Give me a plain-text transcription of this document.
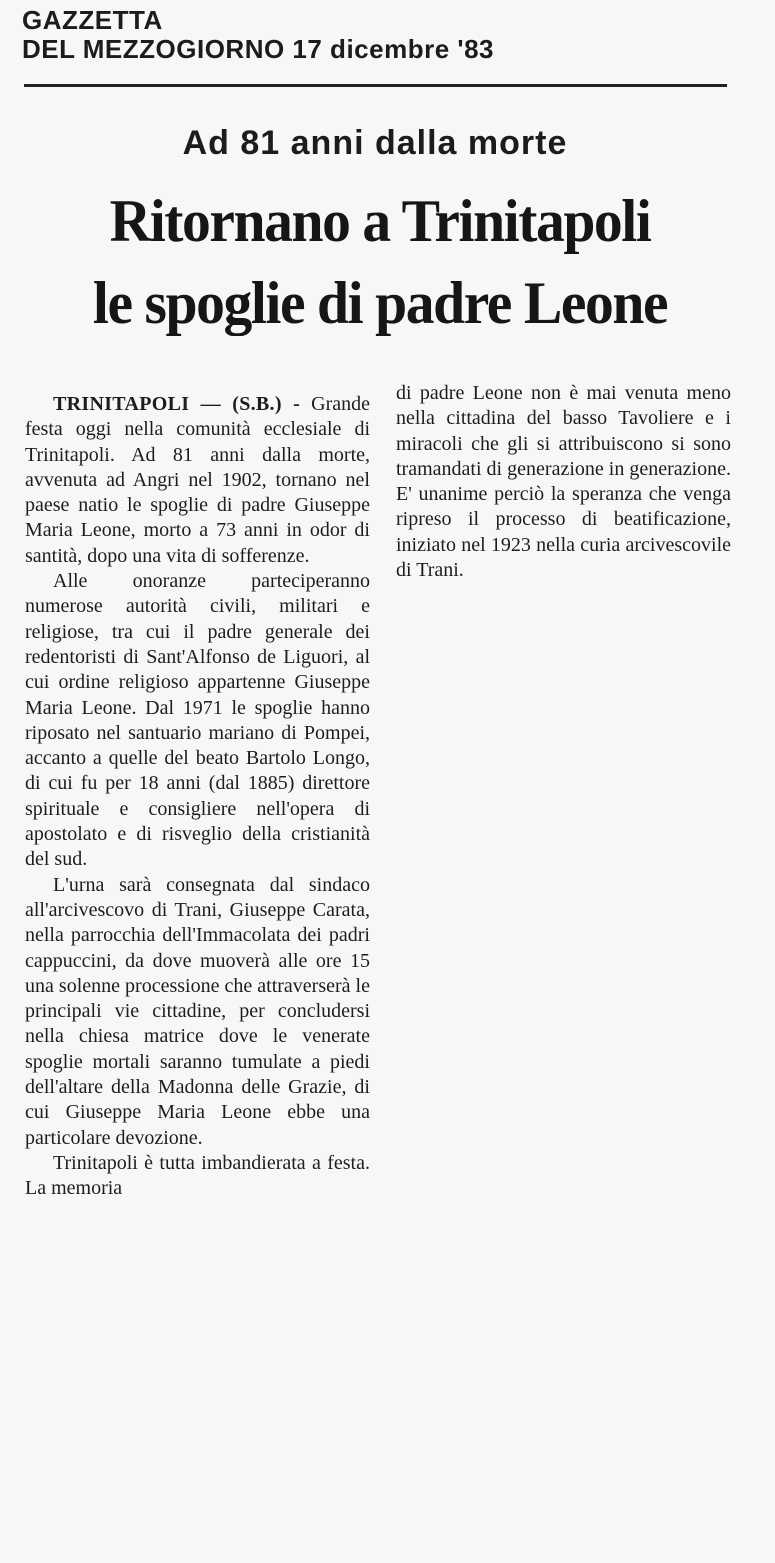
GAZZETTA
DEL MEZZOGIORNO 17 dicembre '83
Ad 81 anni dalla morte
Ritornano a Trinitapoli
le spoglie di padre Leone

TRINITAPOLI — (S.B.) - Grande festa oggi nella comunità ecclesiale di Trinitapoli. Ad 81 anni dalla morte, avvenuta ad Angri nel 1902, tornano nel paese natio le spoglie di padre Giuseppe Maria Leone, morto a 73 anni in odor di santità, dopo una vita di sofferenze.

Alle onoranze parteciperanno numerose autorità civili, militari e religiose, tra cui il padre generale dei redentoristi di Sant'Alfonso de Liguori, al cui ordine religioso appartenne Giuseppe Maria Leone. Dal 1971 le spoglie hanno riposato nel santuario mariano di Pompei, accanto a quelle del beato Bartolo Longo, di cui fu per 18 anni (dal 1885) direttore spirituale e consigliere nell'opera di apostolato e di risveglio della cristianità del sud.

L'urna sarà consegnata dal sindaco all'arcivescovo di Trani, Giuseppe Carata, nella parrocchia dell'Immacolata dei padri cappuccini, da dove muoverà alle ore 15 una solenne processione che attraverserà le principali vie cittadine, per concludersi nella chiesa matrice dove le venerate spoglie mortali saranno tumulate a piedi dell'altare della Madonna delle Grazie, di cui Giuseppe Maria Leone ebbe una particolare devozione.

Trinitapoli è tutta imbandierata a festa. La memoria

di padre Leone non è mai venuta meno nella cittadina del basso Tavoliere e i miracoli che gli si attribuiscono si sono tramandati di generazione in generazione. E' unanime perciò la speranza che venga ripreso il processo di beatificazione, iniziato nel 1923 nella curia arcivescovile di Trani.
